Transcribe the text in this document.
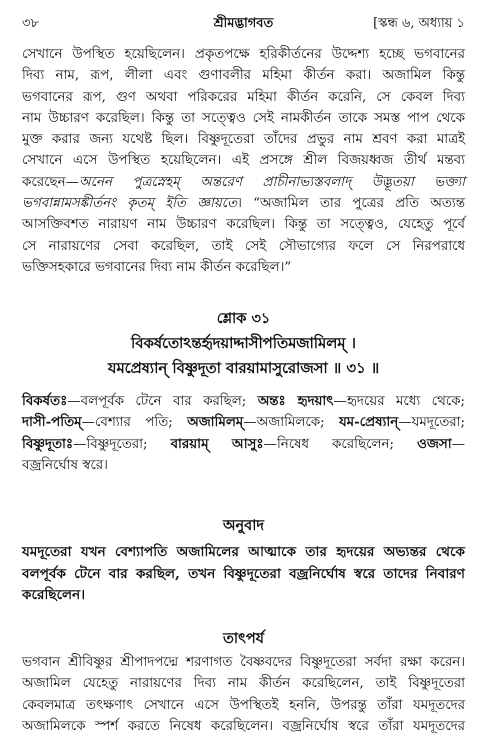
৩৮	শ্রীমদ্ভাগবত	[স্কন্ধ ৬, অধ্যায় ১
সেখানে উপস্থিত হয়েছিলেন। প্রকৃতপক্ষে হরিকীর্তনের উদ্দেশ্য হচ্ছে ভগবানের
দিব্য নাম, রূপ, লীলা এবং গুণাবলীর মহিমা কীর্তন করা। অজামিল কিন্তু
ভগবানের রূপ, গুণ অথবা পরিকরের মহিমা কীর্তন করেনি, সে কেবল দিব্য
নাম উচ্চারণ করেছিল। কিন্তু তা সত্ত্বেও সেই নামকীর্তন তাকে সমস্ত পাপ থেকে
মুক্ত করার জন্য যথেষ্ট ছিল। বিষ্ণুদূতেরা তাঁদের প্রভুর নাম শ্রবণ করা মাত্রই
সেখানে এসে উপস্থিত হয়েছিলেন। এই প্রসঙ্গে শ্রীল বিজয়ধ্বজ তীর্থ মন্তব্য
করেছেন—অনেন পুত্রস্নেহম্ অন্তরেণ প্রাচীনাভ্যস্তবলাদ্ উদ্ভূতয়া ভক্ত্যা
ভগবান্নামসঙ্কীর্তনং কৃতম্ ইতি জ্ঞায়তে। “অজামিল তার পুত্রের প্রতি অত্যন্ত
আসক্তিবশত নারায়ণ নাম উচ্চারণ করেছিল। কিন্তু তা সত্ত্বেও, যেহেতু পূর্বে
সে নারায়ণের সেবা করেছিল, তাই সেই সৌভাগ্যের ফলে সে নিরপরাধে
ভক্তিসহকারে ভগবানের দিব্য নাম কীর্তন করেছিল।”
শ্লোক ৩১
বিকর্ষতোঽন্তর্হৃদয়াদ্দাসীপতিমজামিলম্ ।
যমপ্রেষ্যান্ বিষ্ণুদূতা বারয়ামাসুরোজসা ॥ ৩১ ॥
বিকর্ষতঃ—বলপূর্বক টেনে বার করছিল; অন্তঃ হৃদয়াৎ—হৃদয়ের মধ্যে থেকে;
দাসী-পতিম্—বেশ্যার পতি; অজামিলম্—অজামিলকে; যম-প্রেষ্যান্—যমদূতেরা;
বিষ্ণুদূতাঃ—বিষ্ণুদূতেরা; বারয়াম্ আসুঃ—নিষেধ করেছিলেন; ওজসা—
বজ্রনির্ঘোষ স্বরে।
অনুবাদ
যমদূতেরা যখন বেশ্যাপতি অজামিলের আত্মাকে তার হৃদয়ের অভ্যন্তর থেকে
বলপূর্বক টেনে বার করছিল, তখন বিষ্ণুদূতেরা বজ্রনির্ঘোষ স্বরে তাদের নিবারণ
করেছিলেন।
তাৎপর্য
ভগবান শ্রীবিষ্ণুর শ্রীপাদপদ্মে শরণাগত বৈষ্ণবদের বিষ্ণুদূতেরা সর্বদা রক্ষা করেন।
অজামিল যেহেতু নারায়ণের দিব্য নাম কীর্তন করেছিলেন, তাই বিষ্ণুদূতেরা
কেবলমাত্র তৎক্ষণাৎ সেখানে এসে উপস্থিতই হননি, উপরন্তু তাঁরা যমদূতদের
অজামিলকে স্পর্শ করতে নিষেধ করেছিলেন। বজ্রনির্ঘোষ স্বরে তাঁরা যমদূতদের
